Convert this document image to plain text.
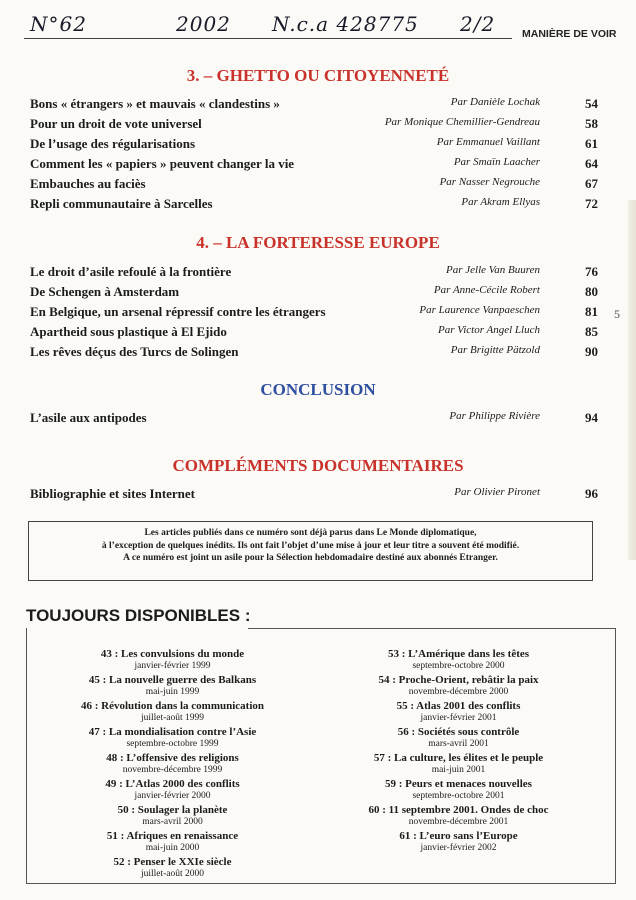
N°62	2002 N.c.a 428775 2/2	MANIÈRE DE VOIR
3. – GHETTO OU CITOYENNETÉ
Bons « étrangers » et mauvais « clandestins »	Par Danièle Lochak	54
Pour un droit de vote universel	Par Monique Chemillier-Gendreau	58
De l’usage des régularisations	Par Emmanuel Vaillant	61
Comment les « papiers » peuvent changer la vie	Par Smaïn Laacher	64
Embauches au faciès	Par Nasser Negrouche	67
Repli communautaire à Sarcelles	Par Akram Ellyas	72
4. – LA FORTERESSE EUROPE
Le droit d’asile refoulé à la frontière	Par Jelle Van Buuren	76
De Schengen à Amsterdam	Par Anne-Cécile Robert	80
En Belgique, un arsenal répressif contre les étrangers	Par Laurence Vanpaeschen	81
Apartheid sous plastique à El Ejido	Par Victor Angel Lluch	85
Les rêves déçus des Turcs de Solingen	Par Brigitte Pätzold	90
CONCLUSION
L’asile aux antipodes	Par Philippe Rivière	94
COMPLÉMENTS DOCUMENTAIRES
Bibliographie et sites Internet	Par Olivier Pironet	96
Les articles publiés dans ce numéro sont déjà parus dans Le Monde diplomatique,
à l’exception de quelques inédits. Ils ont fait l’objet d’une mise à jour et leur titre a souvent été modifié.
A ce numéro est joint un asile pour la Sélection hebdomadaire destiné aux abonnés Etranger.
TOUJOURS DISPONIBLES :
43 : Les convulsions du monde
janvier-février 1999
45 : La nouvelle guerre des Balkans
mai-juin 1999
46 : Révolution dans la communication
juillet-août 1999
47 : La mondialisation contre l’Asie
septembre-octobre 1999
48 : L’offensive des religions
novembre-décembre 1999
49 : L’Atlas 2000 des conflits
janvier-février 2000
50 : Soulager la planète
mars-avril 2000
51 : Afriques en renaissance
mai-juin 2000
52 : Penser le XXIe siècle
juillet-août 2000
53 : L’Amérique dans les têtes
septembre-octobre 2000
54 : Proche-Orient, rebâtir la paix
novembre-décembre 2000
55 : Atlas 2001 des conflits
janvier-février 2001
56 : Sociétés sous contrôle
mars-avril 2001
57 : La culture, les élites et le peuple
mai-juin 2001
59 : Peurs et menaces nouvelles
septembre-octobre 2001
60 : 11 septembre 2001. Ondes de choc
novembre-décembre 2001
61 : L’euro sans l’Europe
janvier-février 2002
5
